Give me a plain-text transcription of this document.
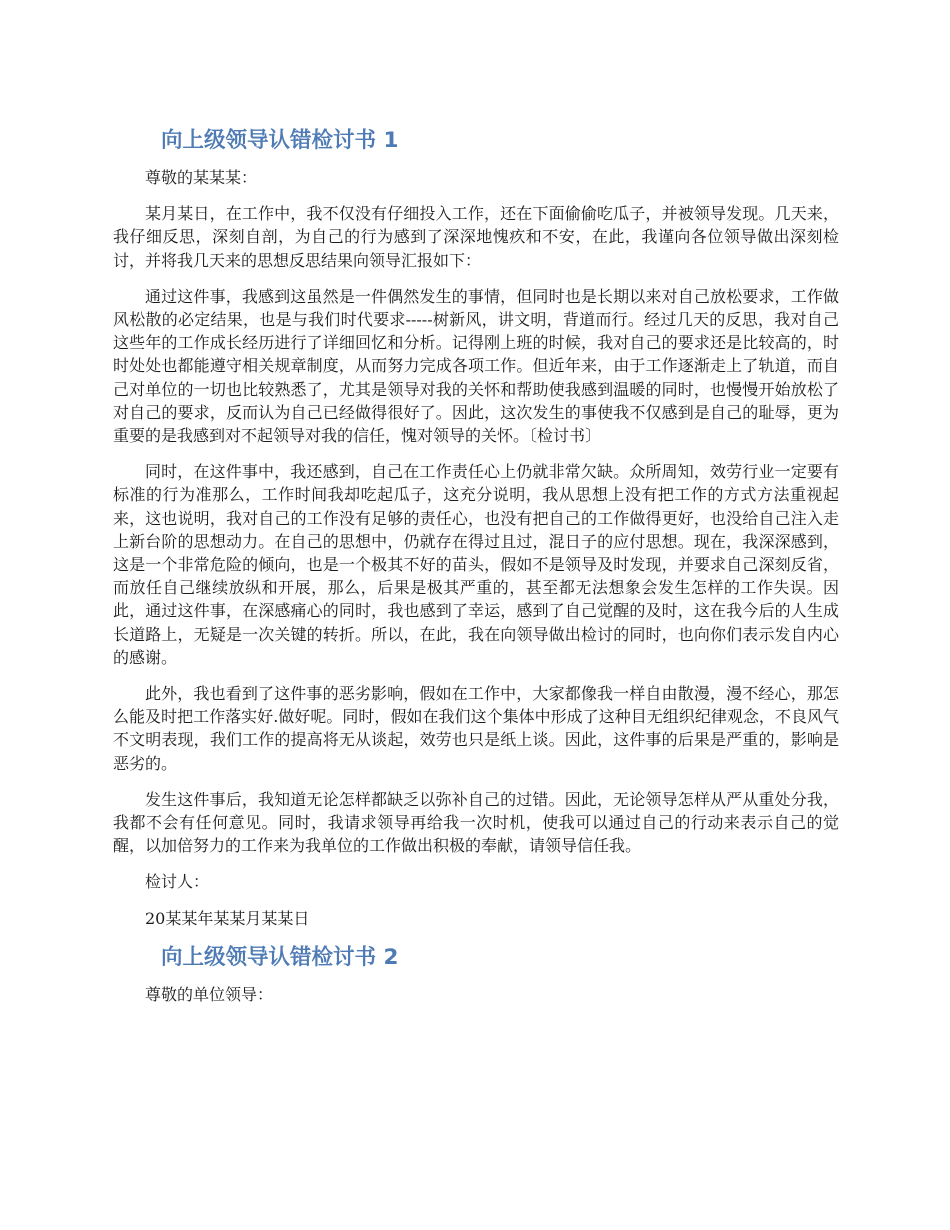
向上级领导认错检讨书 1

尊敬的某某某：

某月某日，在工作中，我不仅没有仔细投入工作，还在下面偷偷吃瓜子，并被领导发现。几天来，我仔细反思，深刻自剖，为自己的行为感到了深深地愧疚和不安，在此，我谨向各位领导做出深刻检讨，并将我几天来的思想反思结果向领导汇报如下：

通过这件事，我感到这虽然是一件偶然发生的事情，但同时也是长期以来对自己放松要求，工作做风松散的必定结果，也是与我们时代要求-----树新风，讲文明，背道而行。经过几天的反思，我对自己这些年的工作成长经历进行了详细回忆和分析。记得刚上班的时候，我对自己的要求还是比较高的，时时处处也都能遵守相关规章制度，从而努力完成各项工作。但近年来，由于工作逐渐走上了轨道，而自己对单位的一切也比较熟悉了，尤其是领导对我的关怀和帮助使我感到温暖的同时，也慢慢开始放松了对自己的要求，反而认为自己已经做得很好了。因此，这次发生的事使我不仅感到是自己的耻辱，更为重要的是我感到对不起领导对我的信任，愧对领导的关怀。〔检讨书〕

同时，在这件事中，我还感到，自己在工作责任心上仍就非常欠缺。众所周知，效劳行业一定要有标准的行为准那么，工作时间我却吃起瓜子，这充分说明，我从思想上没有把工作的方式方法重视起来，这也说明，我对自己的工作没有足够的责任心，也没有把自己的工作做得更好，也没给自己注入走上新台阶的思想动力。在自己的思想中，仍就存在得过且过，混日子的应付思想。现在，我深深感到，这是一个非常危险的倾向，也是一个极其不好的苗头，假如不是领导及时发现，并要求自己深刻反省，而放任自己继续放纵和开展，那么，后果是极其严重的，甚至都无法想象会发生怎样的工作失误。因此，通过这件事，在深感痛心的同时，我也感到了幸运，感到了自己觉醒的及时，这在我今后的人生成长道路上，无疑是一次关键的转折。所以，在此，我在向领导做出检讨的同时，也向你们表示发自内心的感谢。

此外，我也看到了这件事的恶劣影响，假如在工作中，大家都像我一样自由散漫，漫不经心，那怎么能及时把工作落实好.做好呢。同时，假如在我们这个集体中形成了这种目无组织纪律观念，不良风气不文明表现，我们工作的提高将无从谈起，效劳也只是纸上谈。因此，这件事的后果是严重的，影响是恶劣的。

发生这件事后，我知道无论怎样都缺乏以弥补自己的过错。因此，无论领导怎样从严从重处分我，我都不会有任何意见。同时，我请求领导再给我一次时机，使我可以通过自己的行动来表示自己的觉醒，以加倍努力的工作来为我单位的工作做出积极的奉献，请领导信任我。

检讨人：

20某某年某某月某某日

向上级领导认错检讨书 2

尊敬的单位领导：
